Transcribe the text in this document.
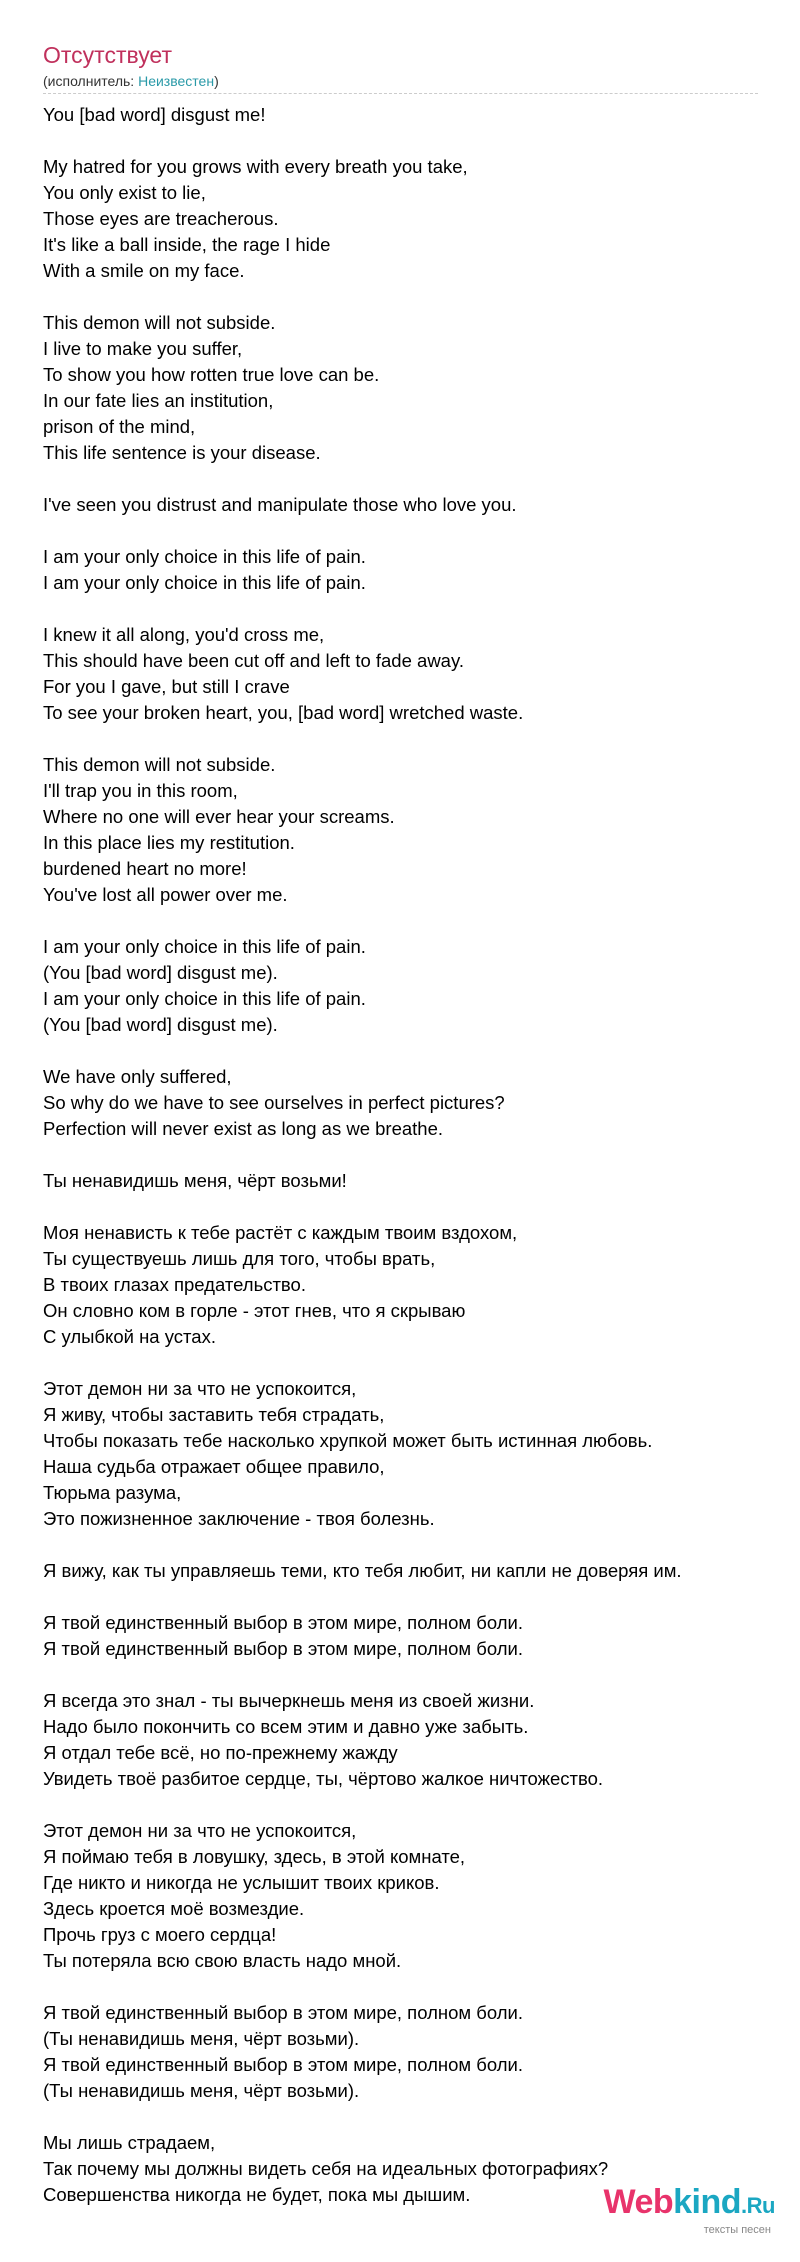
Отсутствует
(исполнитель: Неизвестен)
You [bad word] disgust me!
My hatred for you grows with every breath you take,
You only exist to lie,
Those eyes are treacherous.
It's like a ball inside, the rage I hide
With a smile on my face.
This demon will not subside.
I live to make you suffer,
To show you how rotten true love can be.
In our fate lies an institution,
prison of the mind,
This life sentence is your disease.
I've seen you distrust and manipulate those who love you.
I am your only choice in this life of pain.
I am your only choice in this life of pain.
I knew it all along, you'd cross me,
This should have been cut off and left to fade away.
For you I gave, but still I crave
To see your broken heart, you, [bad word] wretched waste.
This demon will not subside.
I'll trap you in this room,
Where no one will ever hear your screams.
In this place lies my restitution.
burdened heart no more!
You've lost all power over me.
I am your only choice in this life of pain.
(You [bad word] disgust me).
I am your only choice in this life of pain.
(You [bad word] disgust me).
We have only suffered,
So why do we have to see ourselves in perfect pictures?
Perfection will never exist as long as we breathe.
Ты ненавидишь меня, чёрт возьми!
Моя ненависть к тебе растёт с каждым твоим вздохом,
Ты существуешь лишь для того, чтобы врать,
В твоих глазах предательство.
Он словно ком в горле - этот гнев, что я скрываю
С улыбкой на устах.
Этот демон ни за что не успокоится,
Я живу, чтобы заставить тебя страдать,
Чтобы показать тебе насколько хрупкой может быть истинная любовь.
Наша судьба отражает общее правило,
Тюрьма разума,
Это пожизненное заключение - твоя болезнь.
Я вижу, как ты управляешь теми, кто тебя любит, ни капли не доверяя им.
Я твой единственный выбор в этом мире, полном боли.
Я твой единственный выбор в этом мире, полном боли.
Я всегда это знал - ты вычеркнешь меня из своей жизни.
Надо было покончить со всем этим и давно уже забыть.
Я отдал тебе всё, но по-прежнему жажду
Увидеть твоё разбитое сердце, ты, чёртово жалкое ничтожество.
Этот демон ни за что не успокоится,
Я поймаю тебя в ловушку, здесь, в этой комнате,
Где никто и никогда не услышит твоих криков.
Здесь кроется моё возмездие.
Прочь груз с моего сердца!
Ты потеряла всю свою власть надо мной.
Я твой единственный выбор в этом мире, полном боли.
(Ты ненавидишь меня, чёрт возьми).
Я твой единственный выбор в этом мире, полном боли.
(Ты ненавидишь меня, чёрт возьми).
Мы лишь страдаем,
Так почему мы должны видеть себя на идеальных фотографиях?
Совершенства никогда не будет, пока мы дышим.	Webkind.Ru
тексты песен
